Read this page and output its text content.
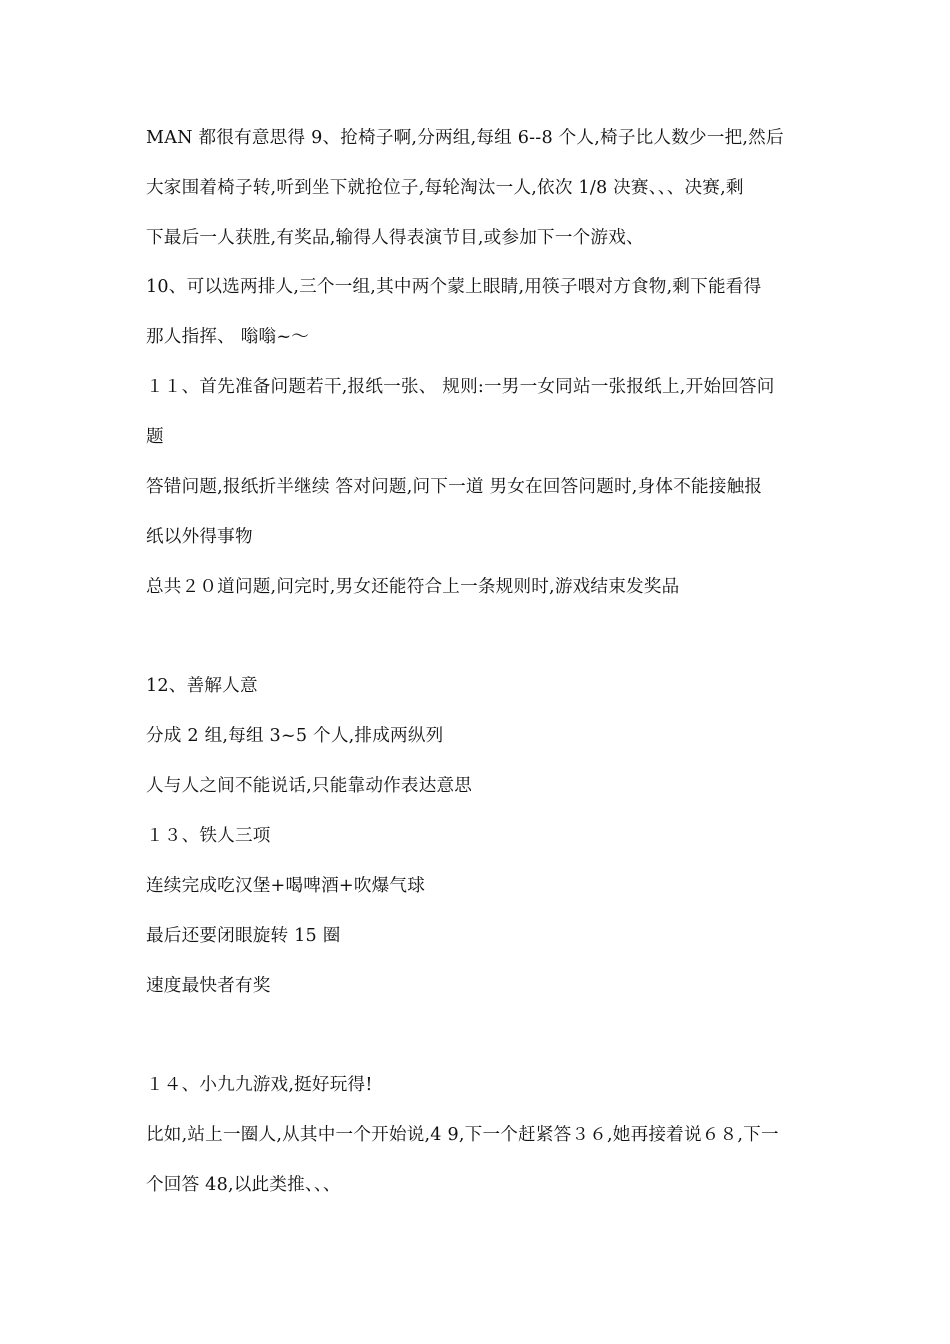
MAN 都很有意思得 9、抢椅子啊,分两组,每组 6--8 个人,椅子比人数少一把,然后
大家围着椅子转,听到坐下就抢位子,每轮淘汰一人,依次 1/8 决赛、、、决赛,剩
下最后一人获胜,有奖品,输得人得表演节目,或参加下一个游戏、
10、可以选两排人,三个一组,其中两个蒙上眼睛,用筷子喂对方食物,剩下能看得
那人指挥、 嗡嗡~～
１１、首先准备问题若干,报纸一张、 规则:一男一女同站一张报纸上,开始回答问
题
答错问题,报纸折半继续 答对问题,问下一道 男女在回答问题时,身体不能接触报
纸以外得事物
总共２０道问题,问完时,男女还能符合上一条规则时,游戏结束发奖品
12、善解人意
分成 2 组,每组 3~5 个人,排成两纵列
人与人之间不能说话,只能靠动作表达意思
１３、铁人三项
连续完成吃汉堡+喝啤酒+吹爆气球
最后还要闭眼旋转 15 圈
速度最快者有奖
１４、小九九游戏,挺好玩得!
比如,站上一圈人,从其中一个开始说,4 9,下一个赶紧答３６,她再接着说６８,下一
个回答 48,以此类推、、、
